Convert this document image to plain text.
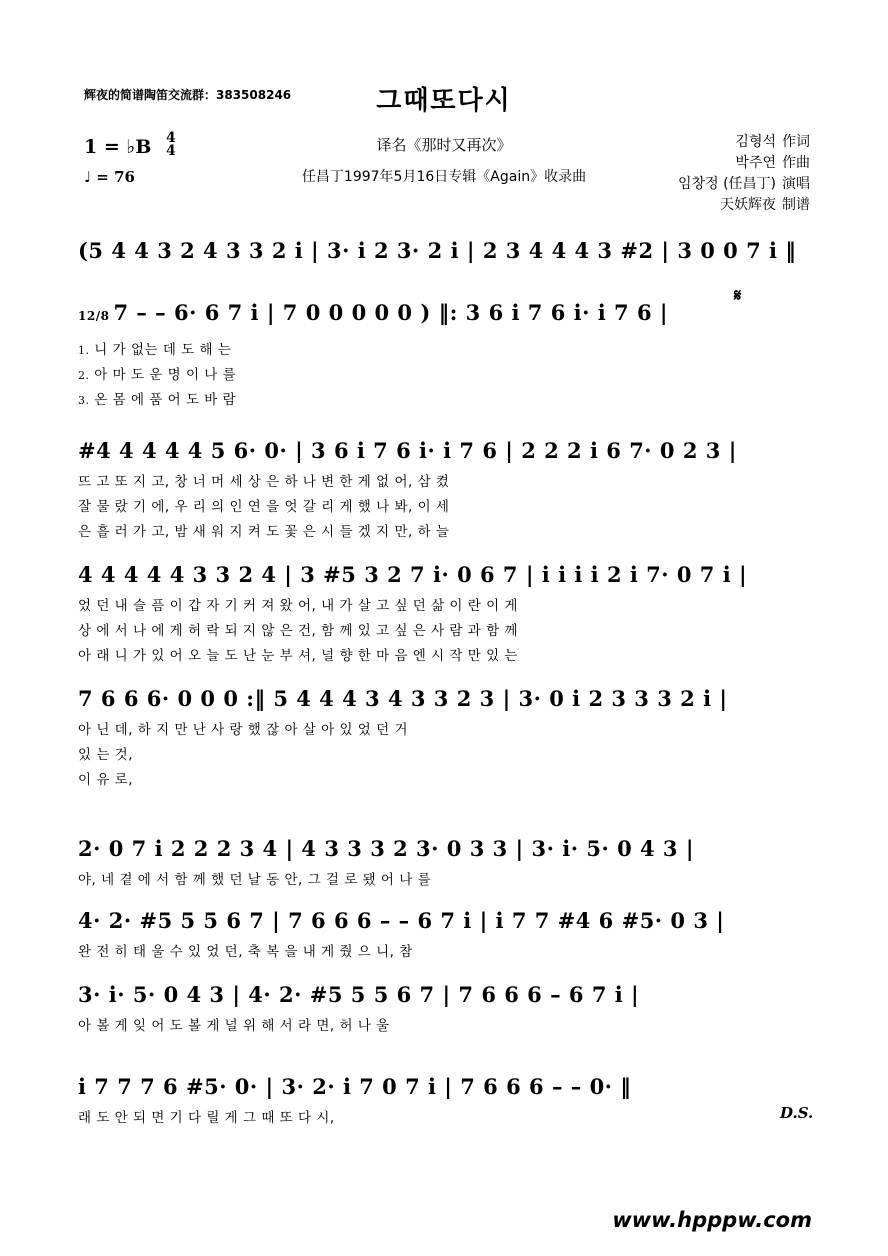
辉夜的简谱陶笛交流群：383508246	그때또다시
译名《那时又再次》
任昌丁1997年5月16日专辑《Again》收录曲
1 = ♭B 4
4
♩ = 76
김형석 作词
박주연 作曲
임창정 (任昌丁) 演唱
天妖辉夜 制谱
(5 4 4 3 2 4 3 3 2 i | 3· i 2 3· 2 i | 2 3 4 4 4 3 #2 | 3 0 0 7 i ‖
12/8 7 – – 6· 6 7 i | 7 0 0 0 0 0 ) ‖: 3 6 i 7 6 i· i 7 6 |
1. 니 가 없는 데 도 해 는
2. 아 마 도 운 명 이 나 를
3. 온 몸 에 품 어 도 바 람
𝄋
#4 4 4 4 4 5 6· 0· | 3 6 i 7 6 i· i 7 6 | 2 2 2 i 6 7· 0 2 3 |
뜨 고 또 지 고, 창 너 머 세 상 은 하 나 변 한 게 없 어, 삼 켰
잘 물 랐 기 에, 우 리 의 인 연 을 엇 갈 리 게 했 나 봐, 이 세
은 흘 러 가 고, 밤 새 워 지 켜 도 꽃 은 시 들 겠 지 만, 하 늘
4 4 4 4 4 3 3 2 4 | 3 #5 3 2 7 i· 0 6 7 | i i i i 2 i 7· 0 7 i |
었 던 내 슬 픔 이 갑 자 기 커 져 왔 어, 내 가 살 고 싶 던 삶 이 란 이 게
상 에 서 나 에 게 허 락 되 지 않 은 건, 함 께 있 고 싶 은 사 람 과 함 께
아 래 니 가 있 어 오 늘 도 난 눈 부 셔, 널 향 한 마 음 엔 시 작 만 있 는
7 6 6 6· 0 0 0 :‖ 5 4 4 4 3 4 3 3 2 3 | 3· 0 i 2 3 3 3 2 i |
아 닌 데, 하 지 만 난 사 랑 했 잖 아 살 아 있 었 던 거
있 는 것,
이 유 로,
2· 0 7 i 2 2 2 3 4 | 4 3 3 3 2 3· 0 3 3 | 3· i· 5· 0 4 3 |
야, 네 곁 에 서 함 께 했 던 날 동 안, 그 걸 로 됐 어 나 를
4· 2· #5 5 5 6 7 | 7 6 6 6 – – 6 7 i | i 7 7 #4 6 #5· 0 3 |
완 전 히 태 울 수 있 었 던, 축 복 을 내 게 줬 으 니, 참
3· i· 5· 0 4 3 | 4· 2· #5 5 5 6 7 | 7 6 6 6 – 6 7 i |
아 볼 게 잊 어 도 볼 게 널 위 해 서 라 면, 허 나 울
i 7 7 7 6 #5· 0· | 3· 2· i 7 0 7 i | 7 6 6 6 – – 0· ‖
래 도 안 되 면 기 다 릴 게 그 때 또 다 시,	D.S.
www.hpppw.com
